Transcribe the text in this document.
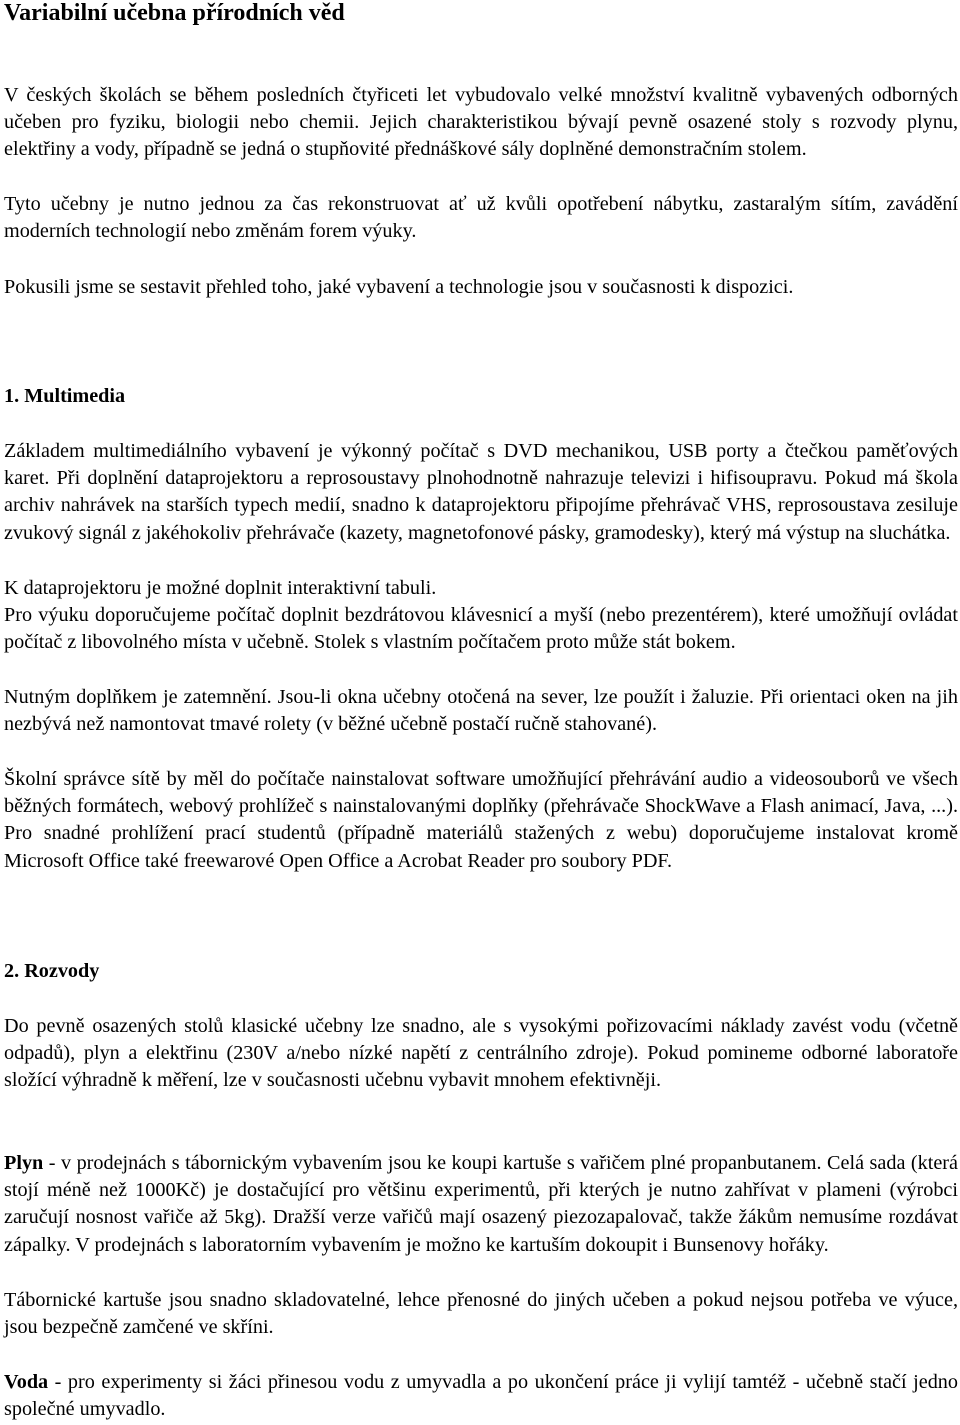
Variabilní učebna přírodních věd

V českých školách se během posledních čtyřiceti let vybudovalo velké množství kvalitně vybavených odborných učeben pro fyziku, biologii nebo chemii. Jejich charakteristikou bývají pevně osazené stoly s rozvody plynu, elektřiny a vody, případně se jedná o stupňovité přednáškové sály doplněné demonstračním stolem.

Tyto učebny je nutno jednou za čas rekonstruovat ať už kvůli opotřebení nábytku, zastaralým sítím, zavádění moderních technologií nebo změnám forem výuky.

Pokusili jsme se sestavit přehled toho, jaké vybavení a technologie jsou v současnosti k dispozici.

1. Multimedia

Základem multimediálního vybavení je výkonný počítač s DVD mechanikou, USB porty a čtečkou paměťových karet. Při doplnění dataprojektoru a reprosoustavy plnohodnotně nahrazuje televizi i hifisoupravu. Pokud má škola archiv nahrávek na starších typech medií, snadno k dataprojektoru připojíme přehrávač VHS, reprosoustava zesiluje zvukový signál z jakéhokoliv přehrávače (kazety, magnetofonové pásky, gramodesky), který má výstup na sluchátka.

K dataprojektoru je možné doplnit interaktivní tabuli.

Pro výuku doporučujeme počítač doplnit bezdrátovou klávesnicí a myší (nebo prezentérem), které umožňují ovládat počítač z libovolného místa v učebně. Stolek s vlastním počítačem proto může stát bokem.

Nutným doplňkem je zatemnění. Jsou-li okna učebny otočená na sever, lze použít i žaluzie. Při orientaci oken na jih nezbývá než namontovat tmavé rolety (v běžné učebně postačí ručně stahované).

Školní správce sítě by měl do počítače nainstalovat software umožňující přehrávání audio a videosouborů ve všech běžných formátech, webový prohlížeč s nainstalovanými doplňky (přehrávače ShockWave a Flash animací, Java, ...). Pro snadné prohlížení prací studentů (případně materiálů stažených z webu) doporučujeme instalovat kromě Microsoft Office také freewarové Open Office a Acrobat Reader pro soubory PDF.

2. Rozvody

Do pevně osazených stolů klasické učebny lze snadno, ale s vysokými pořizovacími náklady zavést vodu (včetně odpadů), plyn a elektřinu (230V a/nebo nízké napětí z centrálního zdroje). Pokud pomineme odborné laboratoře složící výhradně k měření, lze v současnosti učebnu vybavit mnohem efektivněji.

Plyn - v prodejnách s tábornickým vybavením jsou ke koupi kartuše s vařičem plné propanbutanem. Celá sada (která stojí méně než 1000Kč) je dostačující pro většinu experimentů, při kterých je nutno zahřívat v plameni (výrobci zaručují nosnost vařiče až 5kg). Dražší verze vařičů mají osazený piezozapalovač, takže žákům nemusíme rozdávat zápalky. V prodejnách s laboratorním vybavením je možno ke kartuším dokoupit i Bunsenovy hořáky.

Tábornické kartuše jsou snadno skladovatelné, lehce přenosné do jiných učeben a pokud nejsou potřeba ve výuce, jsou bezpečně zamčené ve skříni.

Voda - pro experimenty si žáci přinesou vodu z umyvadla a po ukončení práce ji vylijí tamtéž - učebně stačí jedno společné umyvadlo.
